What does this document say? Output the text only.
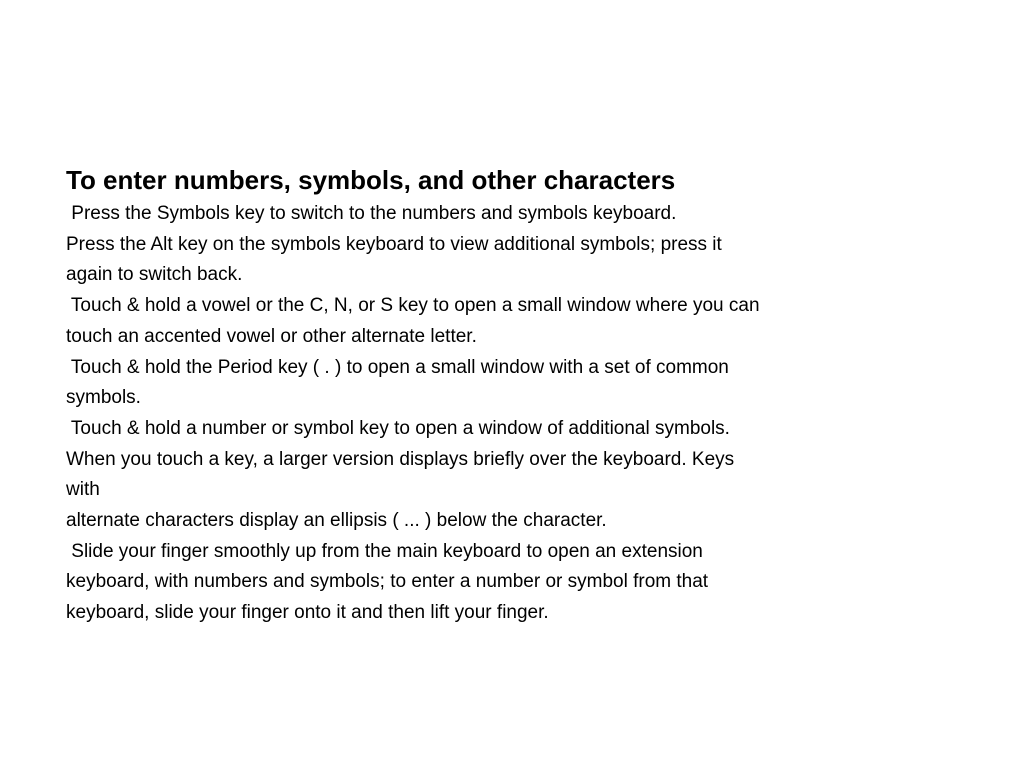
To enter numbers, symbols, and other characters
Press the Symbols key to switch to the numbers and symbols keyboard.
Press the Alt key on the symbols keyboard to view additional symbols; press it
again to switch back.
Touch & hold a vowel or the C, N, or S key to open a small window where you can
touch an accented vowel or other alternate letter.
Touch & hold the Period key ( . ) to open a small window with a set of common
symbols.
Touch & hold a number or symbol key to open a window of additional symbols.
When you touch a key, a larger version displays briefly over the keyboard. Keys
with
alternate characters display an ellipsis ( ... ) below the character.
Slide your finger smoothly up from the main keyboard to open an extension
keyboard, with numbers and symbols; to enter a number or symbol from that
keyboard, slide your finger onto it and then lift your finger.
